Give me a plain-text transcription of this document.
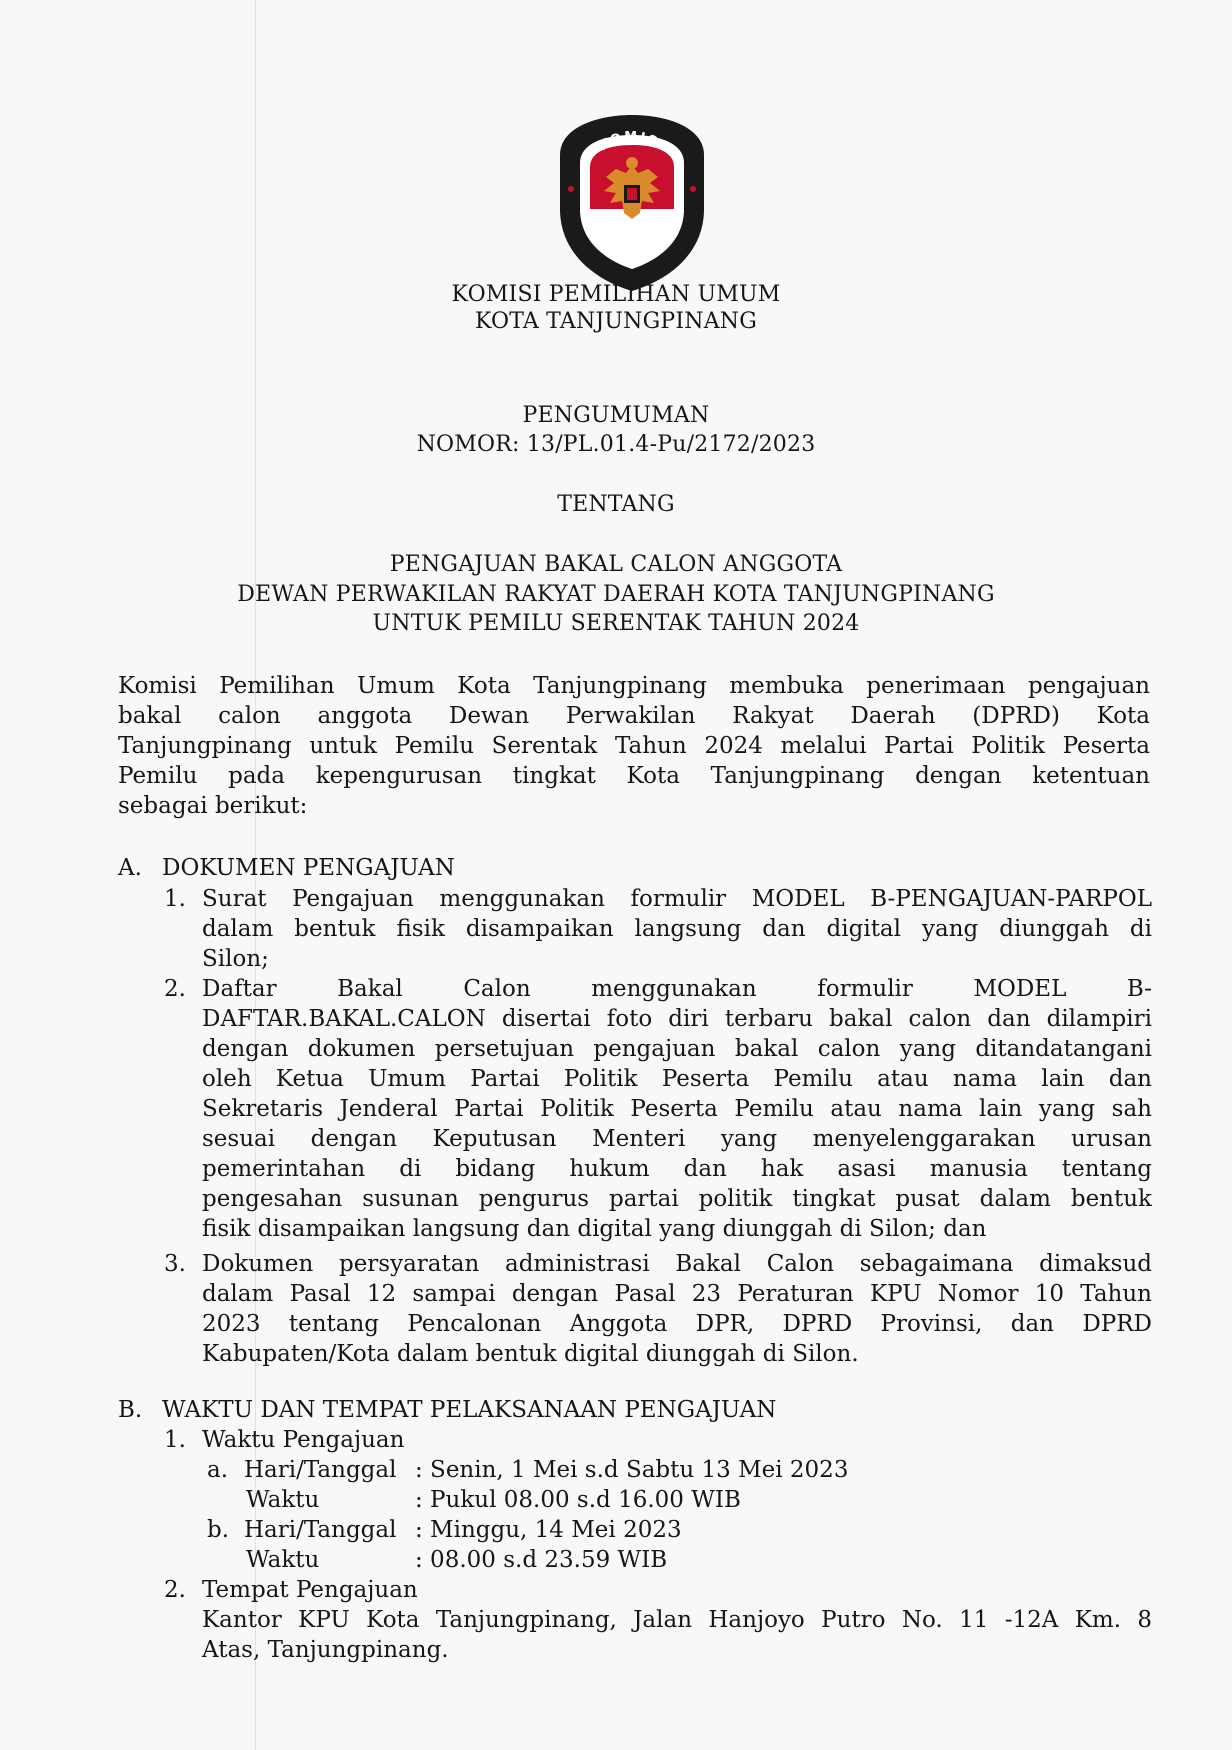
KOMISI
KOMISI PEMILIHAN UMUM
KOTA TANJUNGPINANG
PENGUMUMAN
NOMOR: 13/PL.01.4-Pu/2172/2023
TENTANG
PENGAJUAN BAKAL CALON ANGGOTA
DEWAN PERWAKILAN RAKYAT DAERAH KOTA TANJUNGPINANG
UNTUK PEMILU SERENTAK TAHUN 2024
Komisi Pemilihan Umum Kota Tanjungpinang membuka penerimaan pengajuan
bakal calon anggota Dewan Perwakilan Rakyat Daerah (DPRD) Kota
Tanjungpinang untuk Pemilu Serentak Tahun 2024 melalui Partai Politik Peserta
Pemilu pada kepengurusan tingkat Kota Tanjungpinang dengan ketentuan
sebagai berikut:
A. DOKUMEN PENGAJUAN
1. Surat Pengajuan menggunakan formulir MODEL B-PENGAJUAN-PARPOL
dalam bentuk fisik disampaikan langsung dan digital yang diunggah di
Silon;
2. Daftar Bakal Calon menggunakan formulir MODEL B-
DAFTAR.BAKAL.CALON disertai foto diri terbaru bakal calon dan dilampiri
dengan dokumen persetujuan pengajuan bakal calon yang ditandatangani
oleh Ketua Umum Partai Politik Peserta Pemilu atau nama lain dan
Sekretaris Jenderal Partai Politik Peserta Pemilu atau nama lain yang sah
sesuai dengan Keputusan Menteri yang menyelenggarakan urusan
pemerintahan di bidang hukum dan hak asasi manusia tentang
pengesahan susunan pengurus partai politik tingkat pusat dalam bentuk
fisik disampaikan langsung dan digital yang diunggah di Silon; dan
3. Dokumen persyaratan administrasi Bakal Calon sebagaimana dimaksud
dalam Pasal 12 sampai dengan Pasal 23 Peraturan KPU Nomor 10 Tahun
2023 tentang Pencalonan Anggota DPR, DPRD Provinsi, dan DPRD
Kabupaten/Kota dalam bentuk digital diunggah di Silon.
B. WAKTU DAN TEMPAT PELAKSANAAN PENGAJUAN
1. Waktu Pengajuan
a. Hari/Tanggal : Senin, 1 Mei s.d Sabtu 13 Mei 2023
Waktu	: Pukul 08.00 s.d 16.00 WIB
b. Hari/Tanggal : Minggu, 14 Mei 2023
Waktu	: 08.00 s.d 23.59 WIB
2. Tempat Pengajuan
Kantor KPU Kota Tanjungpinang, Jalan Hanjoyo Putro No. 11 -12A Km. 8
Atas, Tanjungpinang.
